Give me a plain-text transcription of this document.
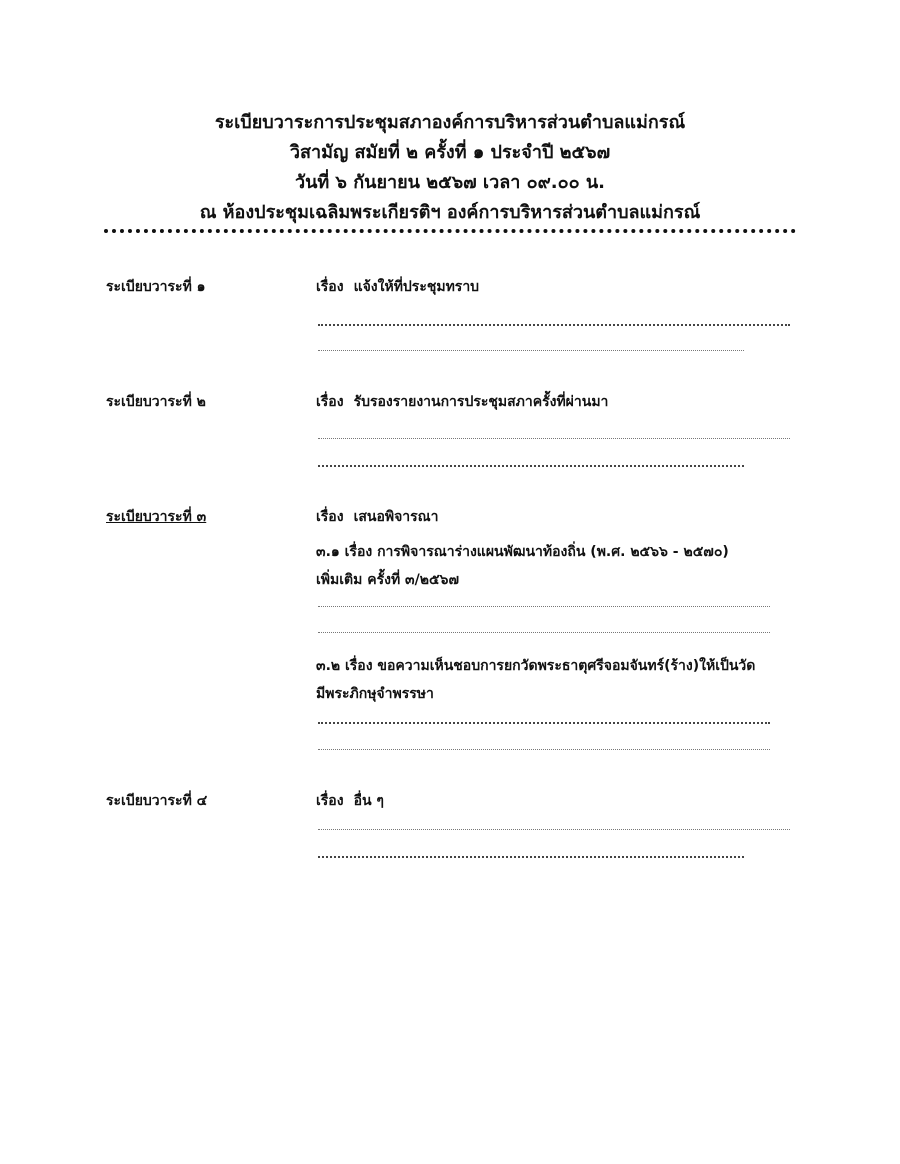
ระเบียบวาระการประชุมสภาองค์การบริหารส่วนตำบลแม่กรณ์
วิสามัญ สมัยที่ ๒ ครั้งที่ ๑ ประจำปี ๒๕๖๗
วันที่ ๖ กันยายน ๒๕๖๗ เวลา ๐๙.๐๐ น.
ณ ห้องประชุมเฉลิมพระเกียรติฯ องค์การบริหารส่วนตำบลแม่กรณ์
ระเบียบวาระที่ ๑	เรื่อง แจ้งให้ที่ประชุมทราบ
ระเบียบวาระที่ ๒	เรื่อง รับรองรายงานการประชุมสภาครั้งที่ผ่านมา
ระเบียบวาระที่ ๓	เรื่อง เสนอพิจารณา
๓.๑ เรื่อง การพิจารณาร่างแผนพัฒนาท้องถิ่น (พ.ศ. ๒๕๖๖ - ๒๕๗๐)
เพิ่มเติม ครั้งที่ ๓/๒๕๖๗
๓.๒ เรื่อง ขอความเห็นชอบการยกวัดพระธาตุศรีจอมจันทร์(ร้าง)ให้เป็นวัด
มีพระภิกษุจำพรรษา
ระเบียบวาระที่ ๔	เรื่อง อื่น ๆ
